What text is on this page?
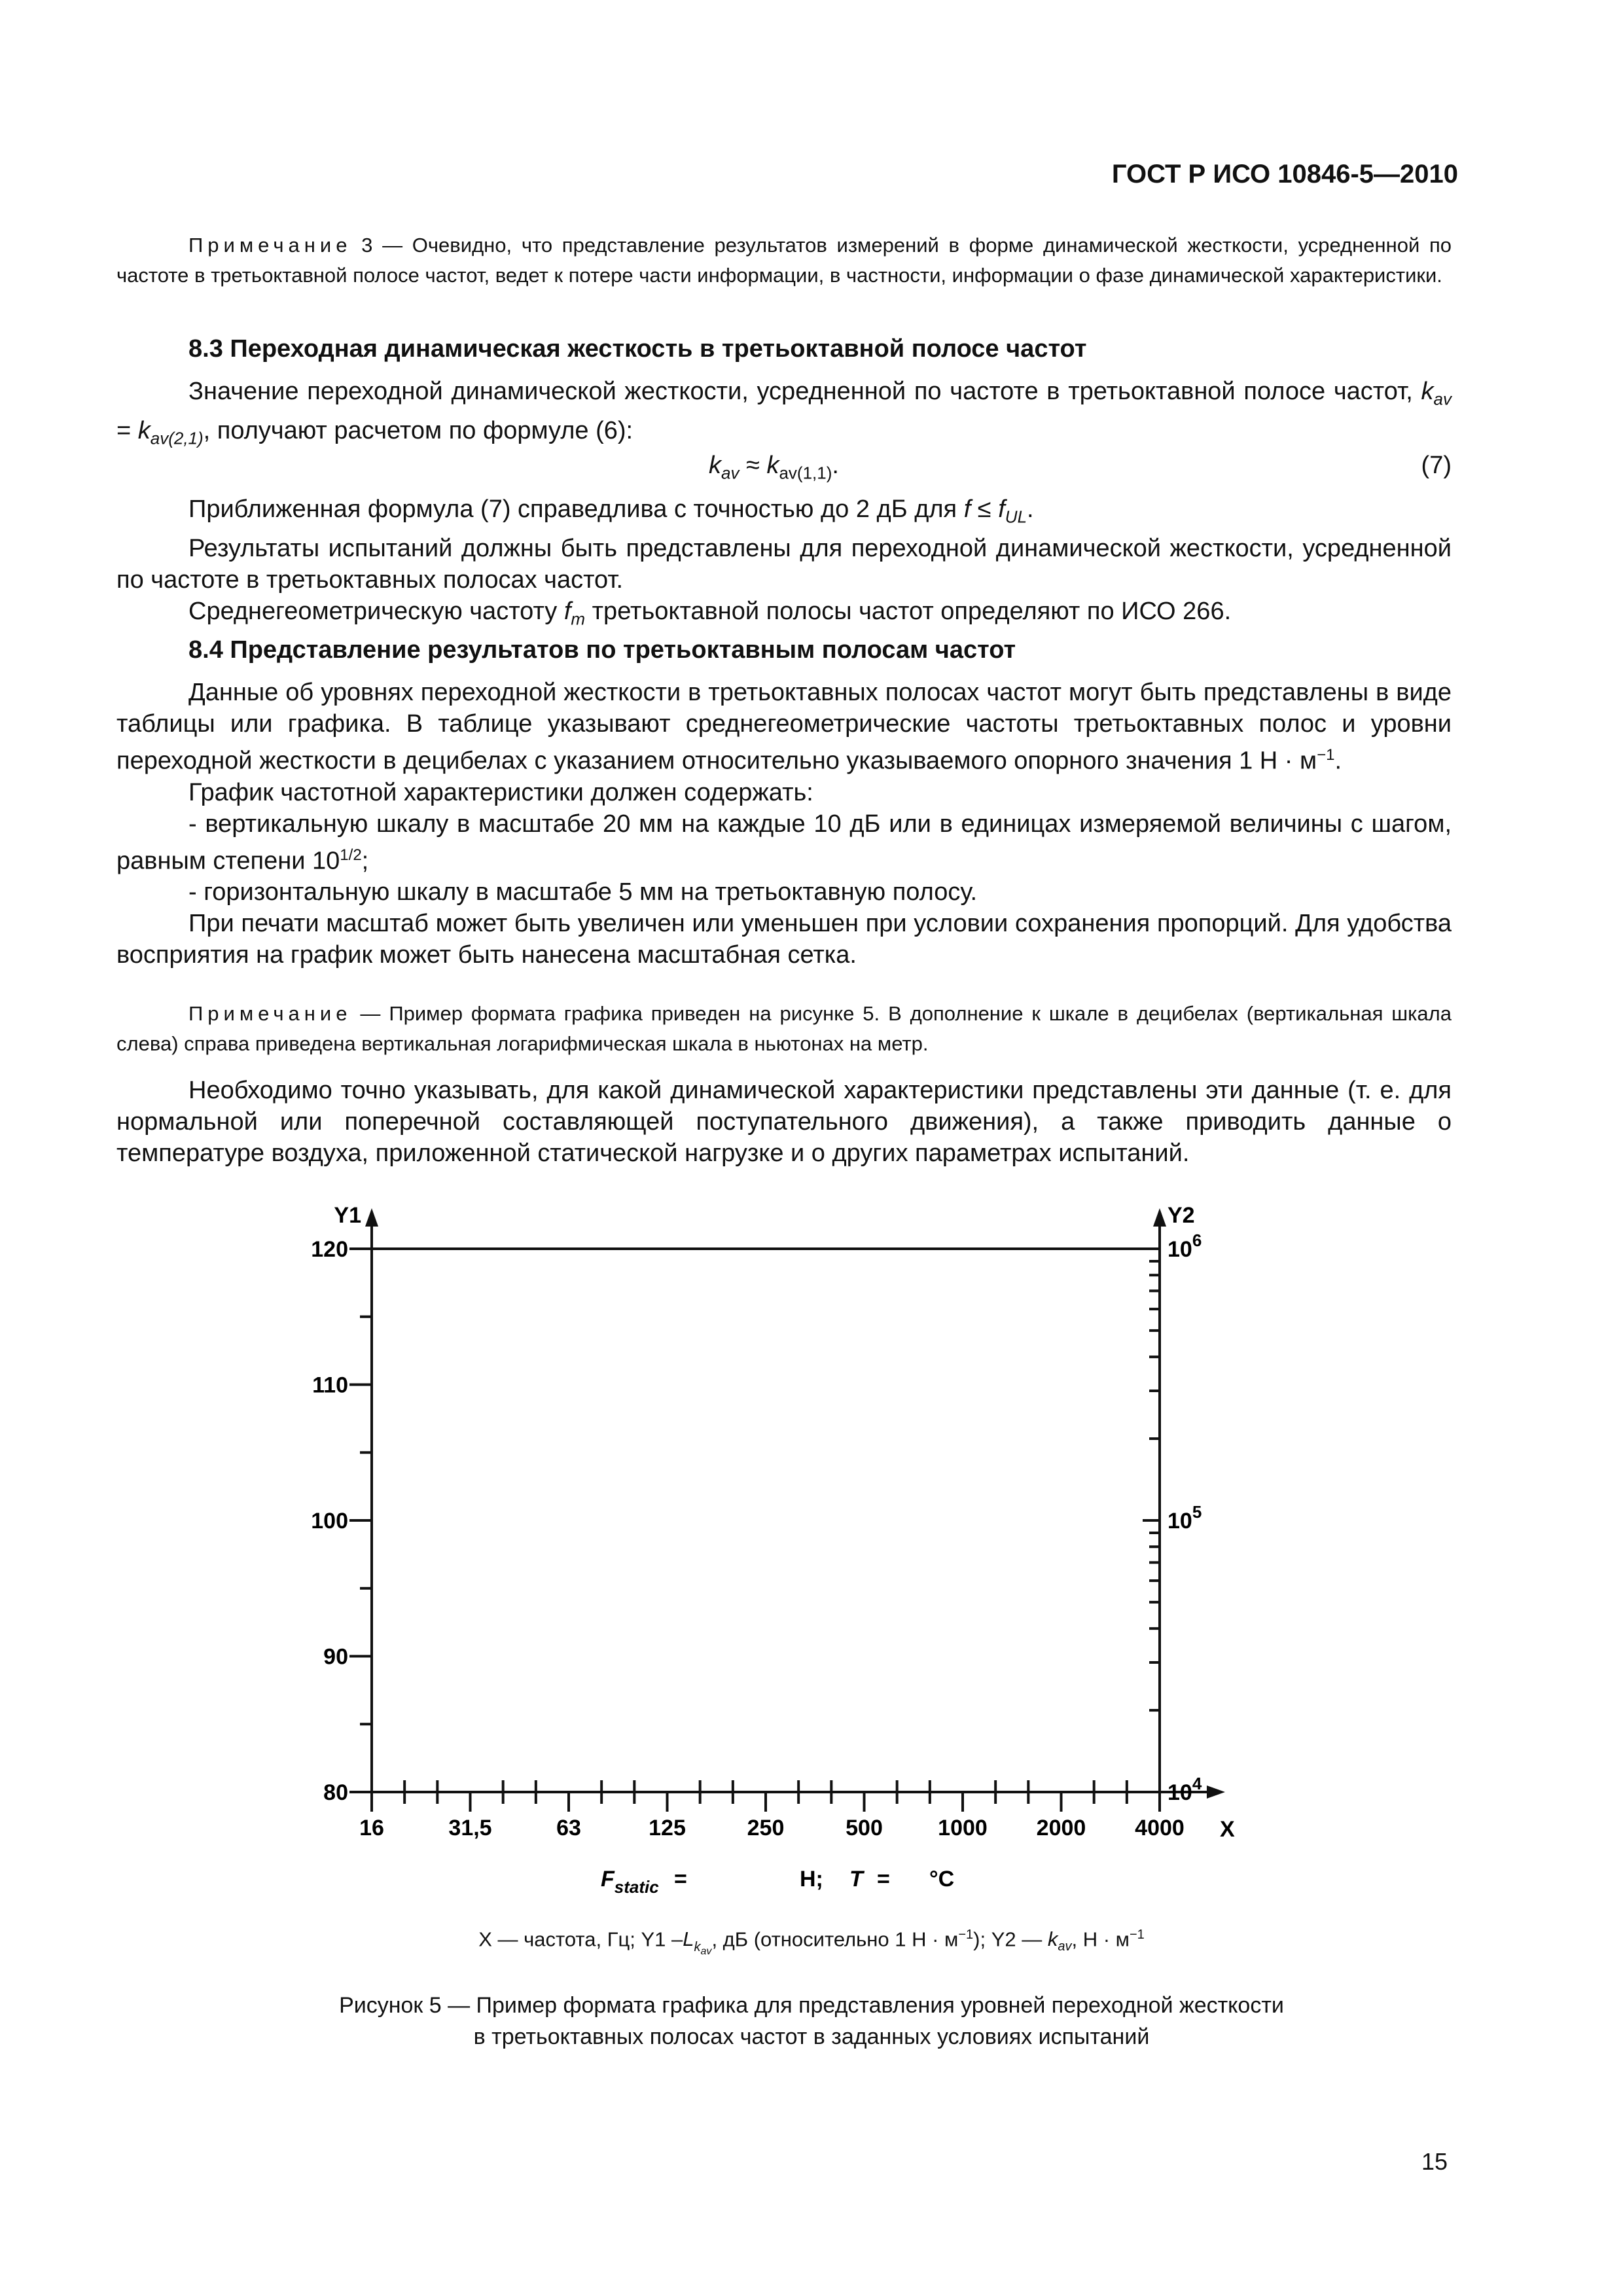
ГОСТ Р ИСО 10846-5—2010

Примечание 3 — Очевидно, что представление результатов измерений в форме динамической жесткости, усредненной по частоте в третьоктавной полосе частот, ведет к потере части информации, в частности, информации о фазе динамической характеристики.

8.3 Переходная динамическая жесткость в третьоктавной полосе частот

Значение переходной динамической жесткости, усредненной по частоте в третьоктавной полосе частот, $k_{av} = k_{av(2,1)}$, получают расчетом по формуле (6):

$k_{av} \approx k_{av(1,1)}$.	(7)

Приближенная формула (7) справедлива с точностью до 2 дБ для $f \le f_{UL}$.

Результаты испытаний должны быть представлены для переходной динамической жесткости, усредненной по частоте в третьоктавных полосах частот.

Среднегеометрическую частоту $f_m$ третьоктавной полосы частот определяют по ИСО 266.

8.4 Представление результатов по третьоктавным полосам частот

Данные об уровнях переходной жесткости в третьоктавных полосах частот могут быть представлены в виде таблицы или графика. В таблице указывают среднегеометрические частоты третьоктавных полос и уровни переходной жесткости в децибелах с указанием относительно указываемого опорного значения 1 $Н \cdot м^{-1}$.

График частотной характеристики должен содержать:

- вертикальную шкалу в масштабе 20 мм на каждые 10 дБ или в единицах измеряемой величины с шагом, равным степени $10^{1/2}$;

- горизонтальную шкалу в масштабе 5 мм на третьоктавную полосу.

При печати масштаб может быть увеличен или уменьшен при условии сохранения пропорций. Для удобства восприятия на график может быть нанесена масштабная сетка.

Примечание — Пример формата графика приведен на рисунке 5. В дополнение к шкале в децибелах (вертикальная шкала слева) справа приведена вертикальная логарифмическая шкала в ньютонах на метр.

Необходимо точно указывать, для какой динамической характеристики представлены эти данные (т. е. для нормальной или поперечной составляющей поступательного движения), а также приводить данные о температуре воздуха, приложенной статической нагрузке и о других параметрах испытаний.

Y1	Y2
X
80
90
100
110
120
$10^4$
$10^5$
$10^6$
16	31,5	63	125	250	500 1000 2000 4000
$F_{static}$ =	Н; T = °C
X — частота, Гц; Y1 $-L_{k_{av}}$, дБ (относительно 1 $Н \cdot м^{-1}$); Y2 — $k_{av}$, $Н \cdot м^{-1}$
Рисунок 5 — Пример формата графика для представления уровней переходной жесткости
в третьоктавных полосах частот в заданных условиях испытаний
15
